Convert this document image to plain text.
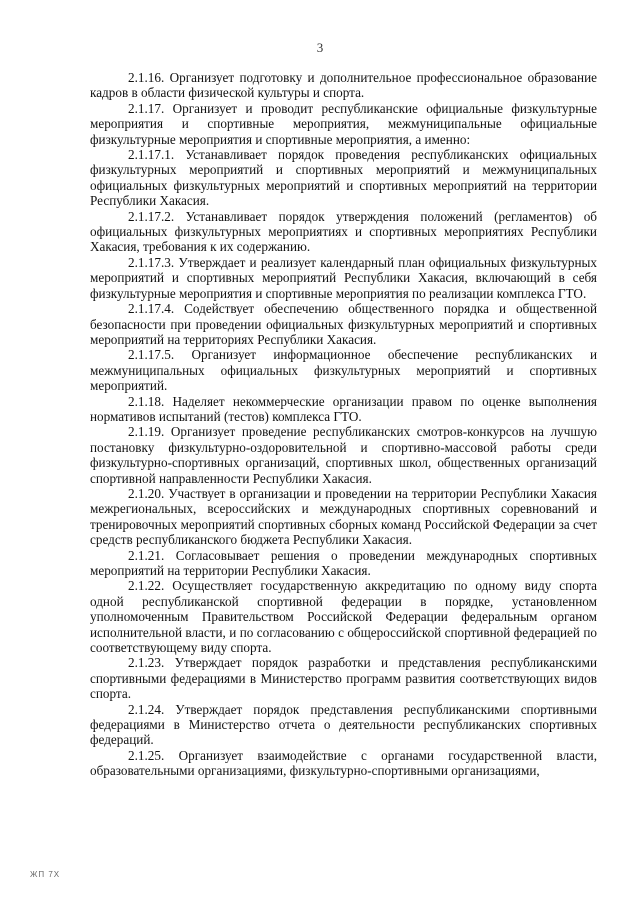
3

2.1.16. Организует подготовку и дополнительное профессиональное образование кадров в области физической культуры и спорта.

2.1.17. Организует и проводит республиканские официальные физкультурные мероприятия и спортивные мероприятия, межмуниципальные официальные физкультурные мероприятия и спортивные мероприятия, а именно:

2.1.17.1. Устанавливает порядок проведения республиканских официальных физкультурных мероприятий и спортивных мероприятий и межмуниципальных официальных физкультурных мероприятий и спортивных мероприятий на территории Республики Хакасия.

2.1.17.2. Устанавливает порядок утверждения положений (регламентов) об официальных физкультурных мероприятиях и спортивных мероприятиях Республики Хакасия, требования к их содержанию.

2.1.17.3. Утверждает и реализует календарный план официальных физкультурных мероприятий и спортивных мероприятий Республики Хакасия, включающий в себя физкультурные мероприятия и спортивные мероприятия по реализации комплекса ГТО.

2.1.17.4. Содействует обеспечению общественного порядка и общественной безопасности при проведении официальных физкультурных мероприятий и спортивных мероприятий на территориях Республики Хакасия.

2.1.17.5. Организует информационное обеспечение республиканских и межмуниципальных официальных физкультурных мероприятий и спортивных мероприятий.

2.1.18. Наделяет некоммерческие организации правом по оценке выполнения нормативов испытаний (тестов) комплекса ГТО.

2.1.19. Организует проведение республиканских смотров-конкурсов на лучшую постановку физкультурно-оздоровительной и спортивно-массовой работы среди физкультурно-спортивных организаций, спортивных школ, общественных организаций спортивной направленности Республики Хакасия.

2.1.20. Участвует в организации и проведении на территории Республики Хакасия межрегиональных, всероссийских и международных спортивных соревнований и тренировочных мероприятий спортивных сборных команд Российской Федерации за счет средств республиканского бюджета Республики Хакасия.

2.1.21. Согласовывает решения о проведении международных спортивных мероприятий на территории Республики Хакасия.

2.1.22. Осуществляет государственную аккредитацию по одному виду спорта одной республиканской спортивной федерации в порядке, установленном уполномоченным Правительством Российской Федерации федеральным органом исполнительной власти, и по согласованию с общероссийской спортивной федерацией по соответствующему виду спорта.

2.1.23. Утверждает порядок разработки и представления республиканскими спортивными федерациями в Министерство программ развития соответствующих видов спорта.

2.1.24. Утверждает порядок представления республиканскими спортивными федерациями в Министерство отчета о деятельности республиканских спортивных федераций.

2.1.25. Организует взаимодействие с органами государственной власти, образовательными организациями, физкультурно-спортивными организациями,

ЖП 7Х
